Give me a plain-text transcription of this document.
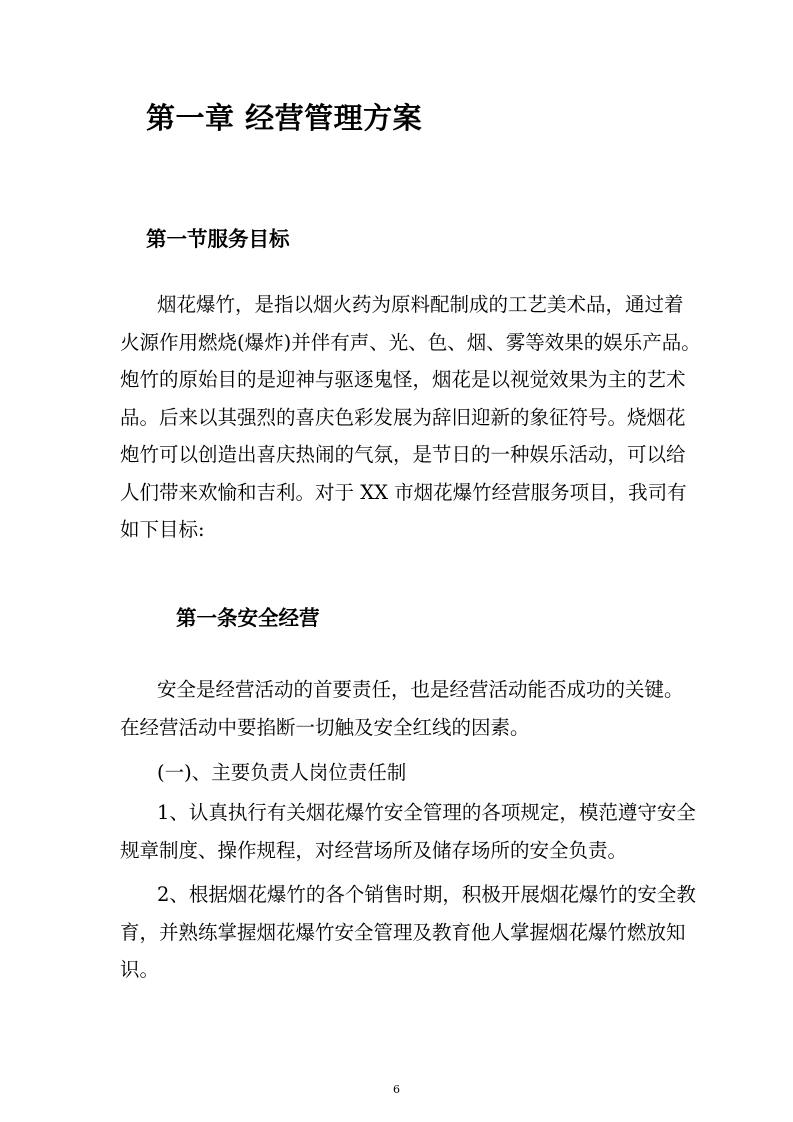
第一章 经营管理方案
第一节服务目标
烟花爆竹，是指以烟火药为原料配制成的工艺美术品，通过着
火源作用燃烧(爆炸)并伴有声、光、色、烟、雾等效果的娱乐产品。
炮竹的原始目的是迎神与驱逐鬼怪，烟花是以视觉效果为主的艺术
品。后来以其强烈的喜庆色彩发展为辞旧迎新的象征符号。烧烟花
炮竹可以创造出喜庆热闹的气氛，是节日的一种娱乐活动，可以给
人们带来欢愉和吉利。对于 XX 市烟花爆竹经营服务项目，我司有
如下目标:
第一条安全经营
安全是经营活动的首要责任，也是经营活动能否成功的关键。
在经营活动中要掐断一切触及安全红线的因素。
(一)、主要负责人岗位责任制
1、认真执行有关烟花爆竹安全管理的各项规定，模范遵守安全
规章制度、操作规程，对经营场所及储存场所的安全负责。
2、根据烟花爆竹的各个销售时期，积极开展烟花爆竹的安全教
育，并熟练掌握烟花爆竹安全管理及教育他人掌握烟花爆竹燃放知
识。
6
